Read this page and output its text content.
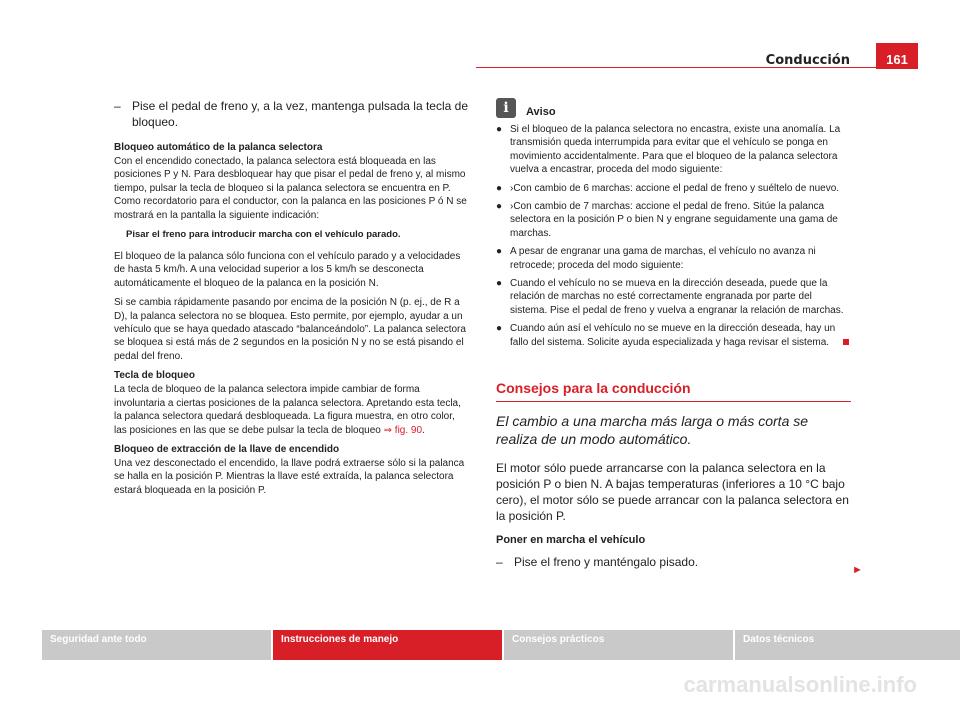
Conducción	161
– Pise el pedal de freno y, a la vez, mantenga pulsada la tecla de bloqueo.
Bloqueo automático de la palanca selectora

Con el encendido conectado, la palanca selectora está bloqueada en las posiciones P y N. Para desbloquear hay que pisar el pedal de freno y, al mismo tiempo, pulsar la tecla de bloqueo si la palanca selectora se encuentra en P. Como recordatorio para el conductor, con la palanca en las posiciones P ó N se mostrará en la pantalla la siguiente indicación:

Pisar el freno para introducir marcha con el vehículo parado.

El bloqueo de la palanca sólo funciona con el vehículo parado y a velocidades de hasta 5 km/h. A una velocidad superior a los 5 km/h se desconecta automáticamente el bloqueo de la palanca en la posición N.

Si se cambia rápidamente pasando por encima de la posición N (p. ej., de R a D), la palanca selectora no se bloquea. Esto permite, por ejemplo, ayudar a un vehículo que se haya quedado atascado “balanceándolo”. La palanca selectora se bloquea si está más de 2 segundos en la posición N y no se está pisando el pedal del freno.

Tecla de bloqueo

La tecla de bloqueo de la palanca selectora impide cambiar de forma involuntaria a ciertas posiciones de la palanca selectora. Apretando esta tecla, la palanca selectora quedará desbloqueada. La figura muestra, en otro color, las posiciones en las que se debe pulsar la tecla de bloqueo ⇒ fig. 90.

Bloqueo de extracción de la llave de encendido

Una vez desconectado el encendido, la llave podrá extraerse sólo si la palanca se halla en la posición P. Mientras la llave esté extraída, la palanca selectora estará bloqueada en la posición P.

i	Aviso
● Si el bloqueo de la palanca selectora no encastra, existe una anomalía. La transmisión queda interrumpida para evitar que el vehículo se ponga en movimiento accidentalmente. Para que el bloqueo de la palanca selectora vuelva a encastrar, proceda del modo siguiente:
● ›Con cambio de 6 marchas: accione el pedal de freno y suéltelo de nuevo.
● ›Con cambio de 7 marchas: accione el pedal de freno. Sitúe la palanca selectora en la posición P o bien N y engrane seguidamente una gama de marchas.
● A pesar de engranar una gama de marchas, el vehículo no avanza ni retrocede; proceda del modo siguiente:
● Cuando el vehículo no se mueva en la dirección deseada, puede que la relación de marchas no esté correctamente engranada por parte del sistema. Pise el pedal de freno y vuelva a engranar la relación de marchas.
● Cuando aún así el vehículo no se mueve en la dirección deseada, hay un fallo del sistema. Solicite ayuda especializada y haga revisar el sistema.
Consejos para la conducción
El cambio a una marcha más larga o más corta se realiza de un modo automático.
El motor sólo puede arrancarse con la palanca selectora en la posición P o bien N. A bajas temperaturas (inferiores a 10 °C bajo cero), el motor sólo se puede arrancar con la palanca selectora en la posición P.
Poner en marcha el vehículo
– Pise el freno y manténgalo pisado.
►
Seguridad ante todo	Instrucciones de manejo	Consejos prácticos	Datos técnicos
carmanualsonline.info
